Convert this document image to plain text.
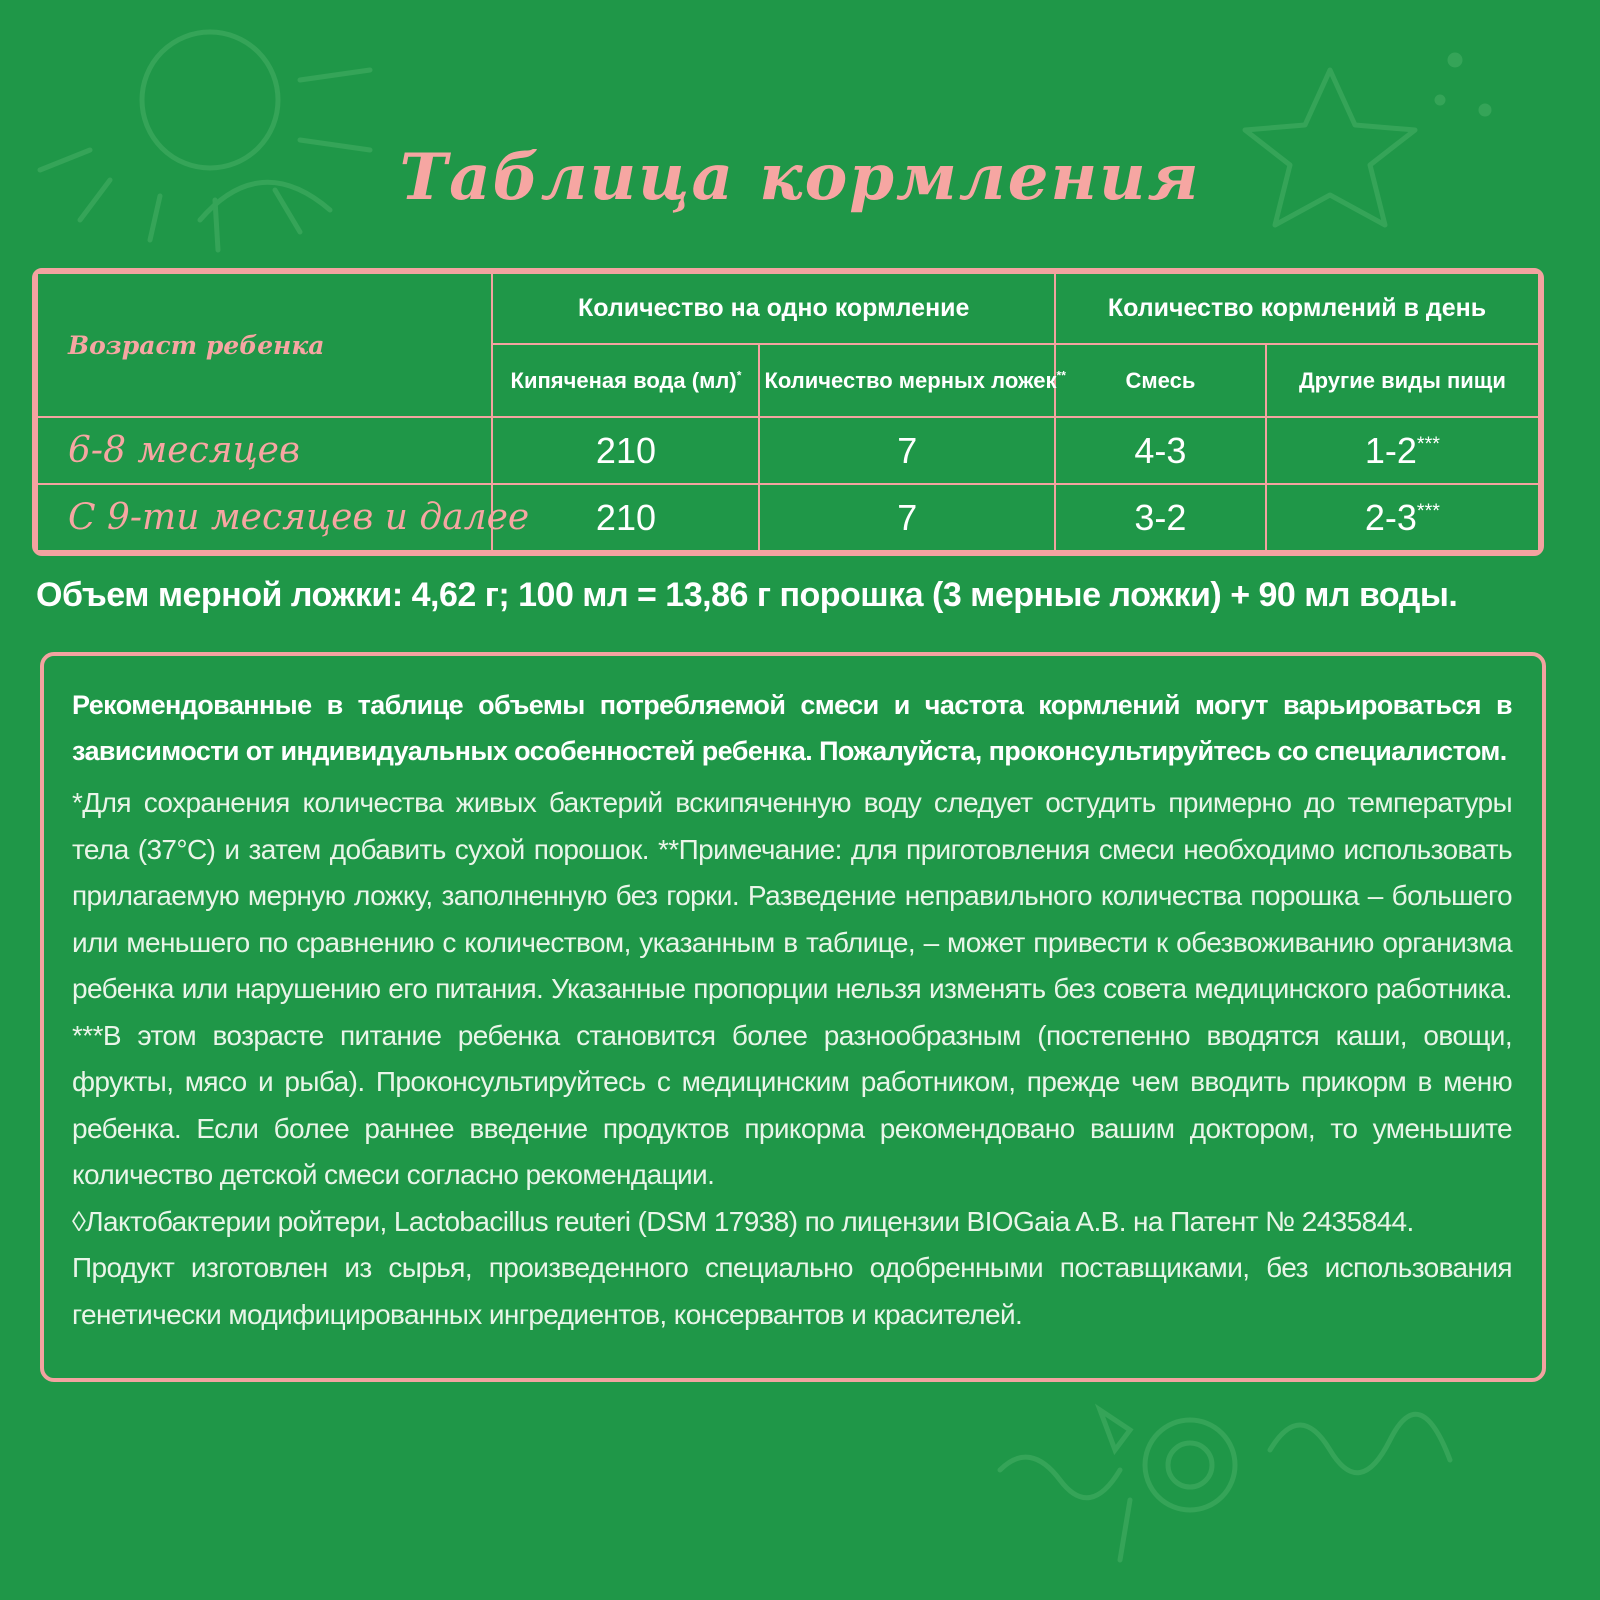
Таблица кормления
Возраст ребенка	Количество на одно кормление		Количество кормлений в день	
	Кипяченая вода (мл)*	Количество мерных ложек**	Смесь	Другие виды пищи
6-8 месяцев	210	7	4-3	1-2***
С 9-ти месяцев и далее	210	7	3-2	2-3***
Объем мерной ложки: 4,62 г; 100 мл = 13,86 г порошка (3 мерные ложки) + 90 мл воды.

Рекомендованные в таблице объемы потребляемой смеси и частота кормлений могут варьироваться в зависимости от индивидуальных особенностей ребенка. Пожалуйста, проконсультируйтесь со специалистом.

*Для сохранения количества живых бактерий вскипяченную воду следует остудить примерно до температуры тела (37°С) и затем добавить сухой порошок. **Примечание: для приготовления смеси необходимо использовать прилагаемую мерную ложку, заполненную без горки. Разведение неправильного количества порошка – большего или меньшего по сравнению с количеством, указанным в таблице, – может привести к обезвоживанию организма ребенка или нарушению его питания. Указанные пропорции нельзя изменять без совета медицинского работника. ***В этом возрасте питание ребенка становится более разнообразным (постепенно вводятся каши, овощи, фрукты, мясо и рыба). Проконсультируйтесь с медицинским работником, прежде чем вводить прикорм в меню ребенка. Если более раннее введение продуктов прикорма рекомендовано вашим доктором, то уменьшите количество детской смеси согласно рекомендации.
◊Лактобактерии ройтери, Lactobacillus reuteri (DSM 17938) по лицензии BIOGaia A.B. на Патент № 2435844.
Продукт изготовлен из сырья, произведенного специально одобренными поставщиками, без использования генетически модифицированных ингредиентов, консервантов и красителей.
